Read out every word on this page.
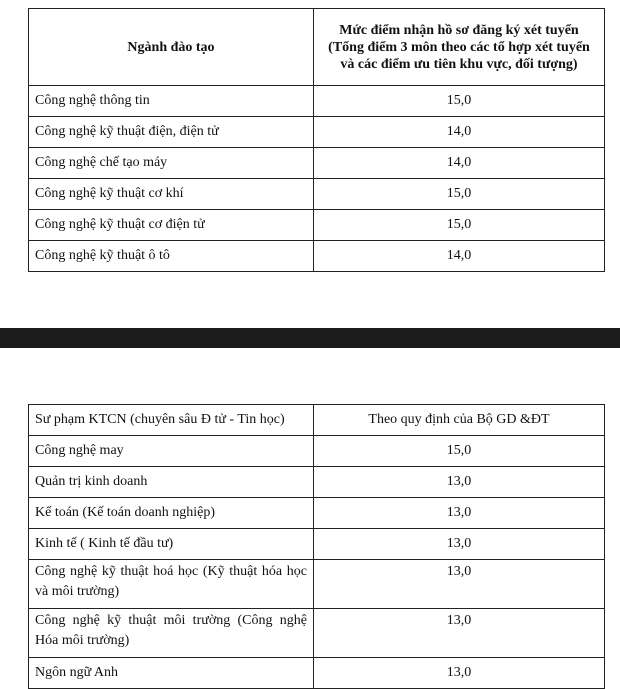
Ngành đào tạo	Mức điểm nhận hồ sơ đăng ký xét tuyển
(Tổng điểm 3 môn theo các tổ hợp xét tuyển
và các điểm ưu tiên khu vực, đối tượng)

Công nghệ thông tin	15,0
Công nghệ kỹ thuật điện, điện tử	14,0
Công nghệ chế tạo máy	14,0
Công nghệ kỹ thuật cơ khí	15,0
Công nghệ kỹ thuật cơ điện tử	15,0
Công nghệ kỹ thuật ô tô	14,0
Sư phạm KTCN (chuyên sâu Đ tử - Tin học)	Theo quy định của Bộ GD &ĐT
Công nghệ may	15,0
Quản trị kinh doanh	13,0
Kế toán (Kế toán doanh nghiệp)	13,0
Kinh tế ( Kinh tế đầu tư)	13,0
Công nghệ kỹ thuật hoá học (Kỹ thuật hóa học và môi trường)	13,0
Công nghệ kỹ thuật môi trường (Công nghệ Hóa môi trường)	13,0
Ngôn ngữ Anh	13,0
